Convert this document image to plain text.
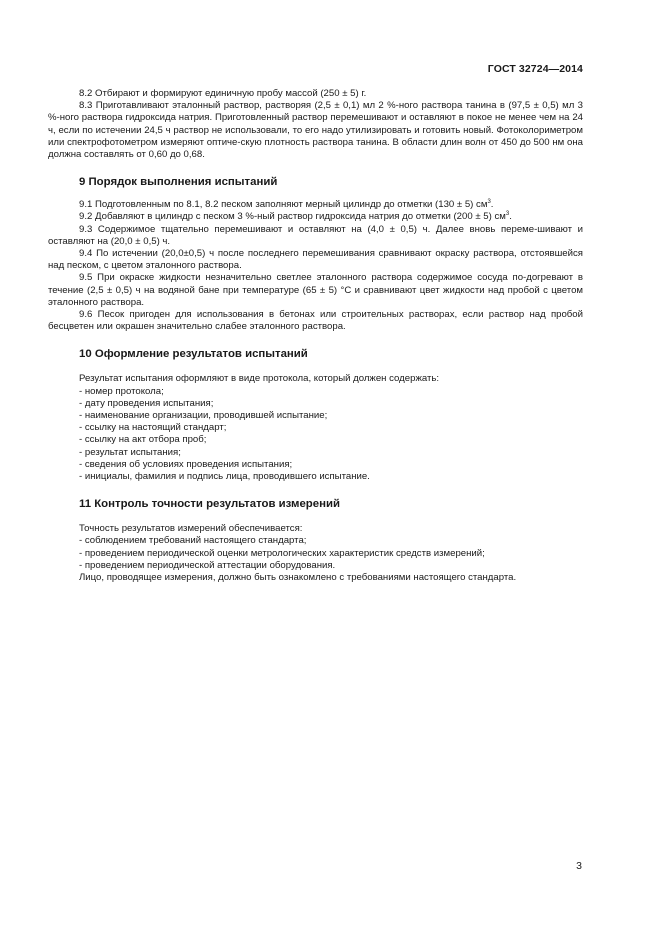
ГОСТ 32724—2014

8.2 Отбирают и формируют единичную пробу массой (250 ± 5) г.

8.3 Приготавливают эталонный раствор, растворяя (2,5 ± 0,1) мл 2 %-ного раствора танина в (97,5 ± 0,5) мл 3 %-ного раствора гидроксида натрия. Приготовленный раствор перемешивают и оставляют в покое не менее чем на 24 ч, если по истечении 24,5 ч раствор не использовали, то его надо утилизировать и готовить новый. Фотоколориметром или спектрофотометром измеряют оптиче-скую плотность раствора танина. В области длин волн от 450 до 500 нм она должна составлять от 0,60 до 0,68.

9 Порядок выполнения испытаний

9.1 Подготовленным по 8.1, 8.2 песком заполняют мерный цилиндр до отметки (130 ± 5) $см^3$.

9.2 Добавляют в цилиндр с песком 3 %-ный раствор гидроксида натрия до отметки (200 ± 5) $см^3$.

9.3 Содержимое тщательно перемешивают и оставляют на (4,0 ± 0,5) ч. Далее вновь переме-шивают и оставляют на (20,0 ± 0,5) ч.

9.4 По истечении (20,0±0,5) ч после последнего перемешивания сравнивают окраску раствора, отстоявшейся над песком, с цветом эталонного раствора.

9.5 При окраске жидкости незначительно светлее эталонного раствора содержимое сосуда по-догревают в течение (2,5 ± 0,5) ч на водяной бане при температуре (65 ± 5) °С и сравнивают цвет жидкости над пробой с цветом эталонного раствора.

9.6 Песок пригоден для использования в бетонах или строительных растворах, если раствор над пробой бесцветен или окрашен значительно слабее эталонного раствора.

10 Оформление результатов испытаний

Результат испытания оформляют в виде протокола, который должен содержать:

- номер протокола;

- дату проведения испытания;

- наименование организации, проводившей испытание;

- ссылку на настоящий стандарт;

- ссылку на акт отбора проб;

- результат испытания;

- сведения об условиях проведения испытания;

- инициалы, фамилия и подпись лица, проводившего испытание.

11 Контроль точности результатов измерений

Точность результатов измерений обеспечивается:

- соблюдением требований настоящего стандарта;

- проведением периодической оценки метрологических характеристик средств измерений;

- проведением периодической аттестации оборудования.

Лицо, проводящее измерения, должно быть ознакомлено с требованиями настоящего стандарта.

3
